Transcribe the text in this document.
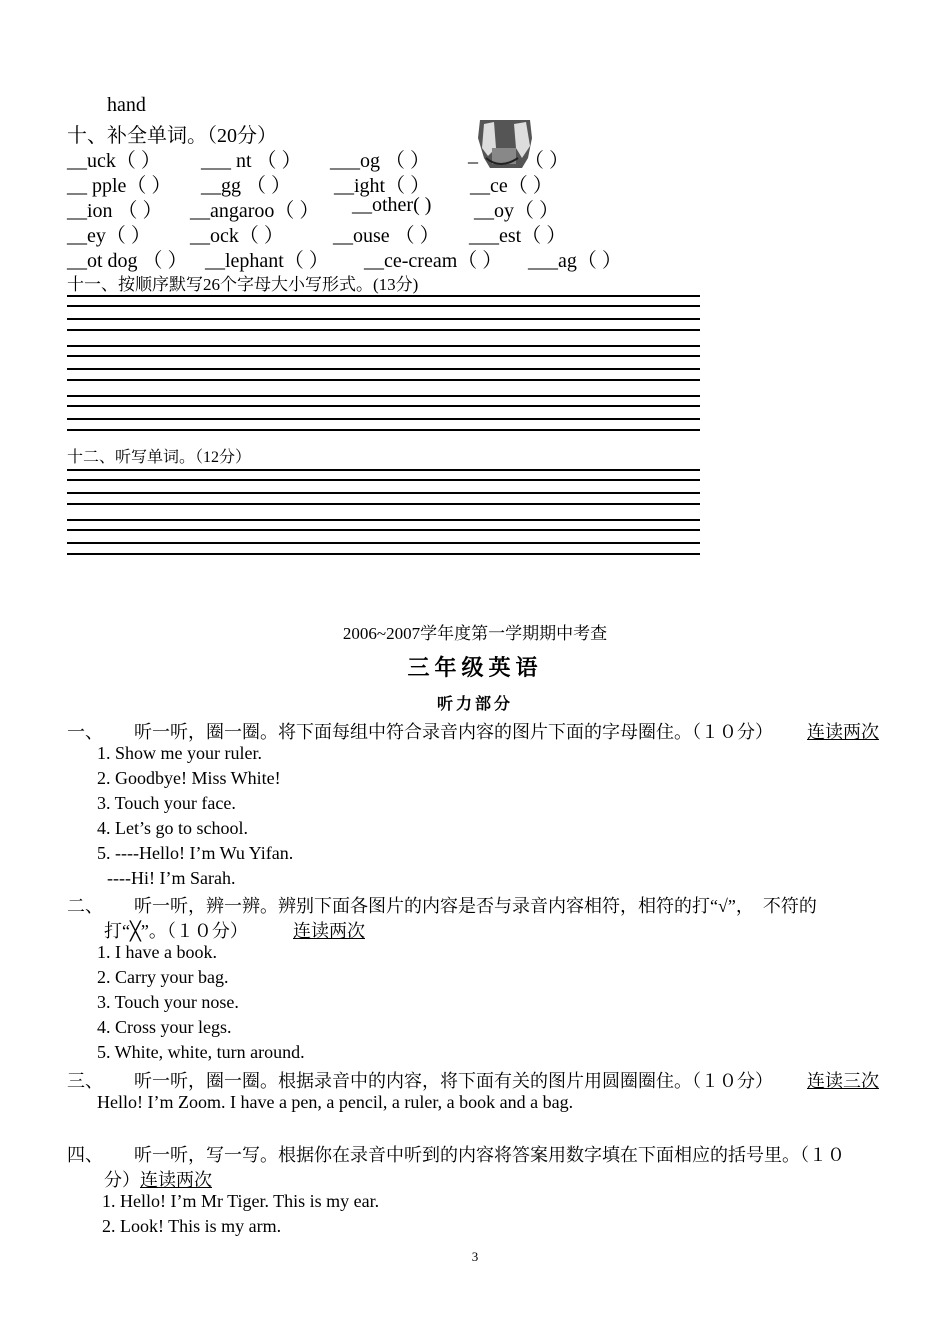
hand
十、补全单词。（20分）
__uck（ ） ___ nt （ ） ___og （ ） _ （ ）
__ pple（ ） __gg （ ） __ight（ ） __ce（ ）
__ion （ ） __angaroo（ ） __other( ) __oy（ ）
__ey（ ） __ock（ ） __ouse （ ） ___est（ ）
__ot dog （ ） __lephant（ ） __ce-cream（ ） ___ag（ ）
十一、按顺序默写26个字母大小写形式。(13分)
十二、听写单词。（12分）
2006~2007学年度第一学期期中考查
三年级英语
听力部分
一、 听一听，圈一圈。将下面每组中符合录音内容的图片下面的字母圈住。（１０分） 连读两次
1. Show me your ruler.
2. Goodbye! Miss White!
3. Touch your face.
4. Let’s go to school.
5. ----Hello! I’m Wu Yifan.
----Hi! I’m Sarah.
二、 听一听，辨一辨。辨别下面各图片的内容是否与录音内容相符，相符的打“√”，　不符的
打“╳”。（１０分）	连读两次
1. I have a book.
2. Carry your bag.
3. Touch your nose.
4. Cross your legs.
5. White, white, turn around.
三、 听一听，圈一圈。根据录音中的内容，将下面有关的图片用圆圈圈住。（１０分） 连读三次
Hello! I’m Zoom. I have a pen, a pencil, a ruler, a book and a bag.
四、 听一听，写一写。根据你在录音中听到的内容将答案用数字填在下面相应的括号里。（１０
分） 连读两次
1. Hello! I’m Mr Tiger. This is my ear.
2. Look! This is my arm.
3
